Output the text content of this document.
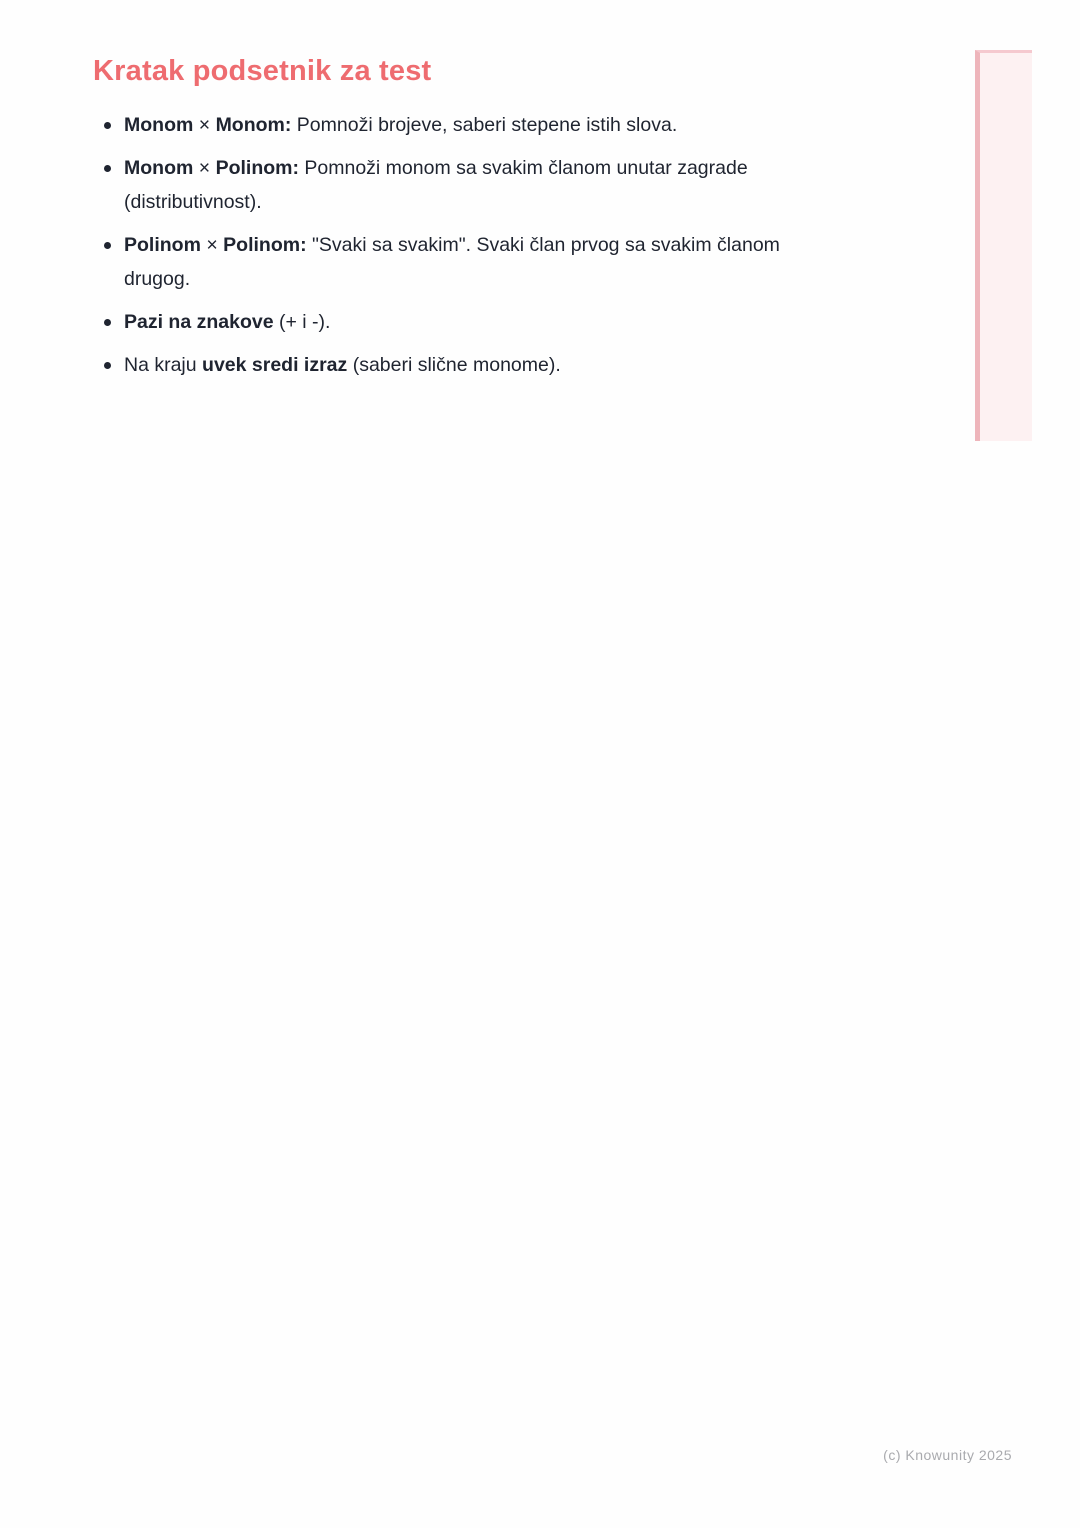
Kratak podsetnik za test
Monom × Monom: Pomnoži brojeve, saberi stepene istih slova.
Monom × Polinom: Pomnoži monom sa svakim članom unutar zagrade
(distributivnost).
Polinom × Polinom: "Svaki sa svakim". Svaki član prvog sa svakim članom
drugog.
Pazi na znakove (+ i -).
Na kraju uvek sredi izraz (saberi slične monome).
(c) Knowunity 2025
